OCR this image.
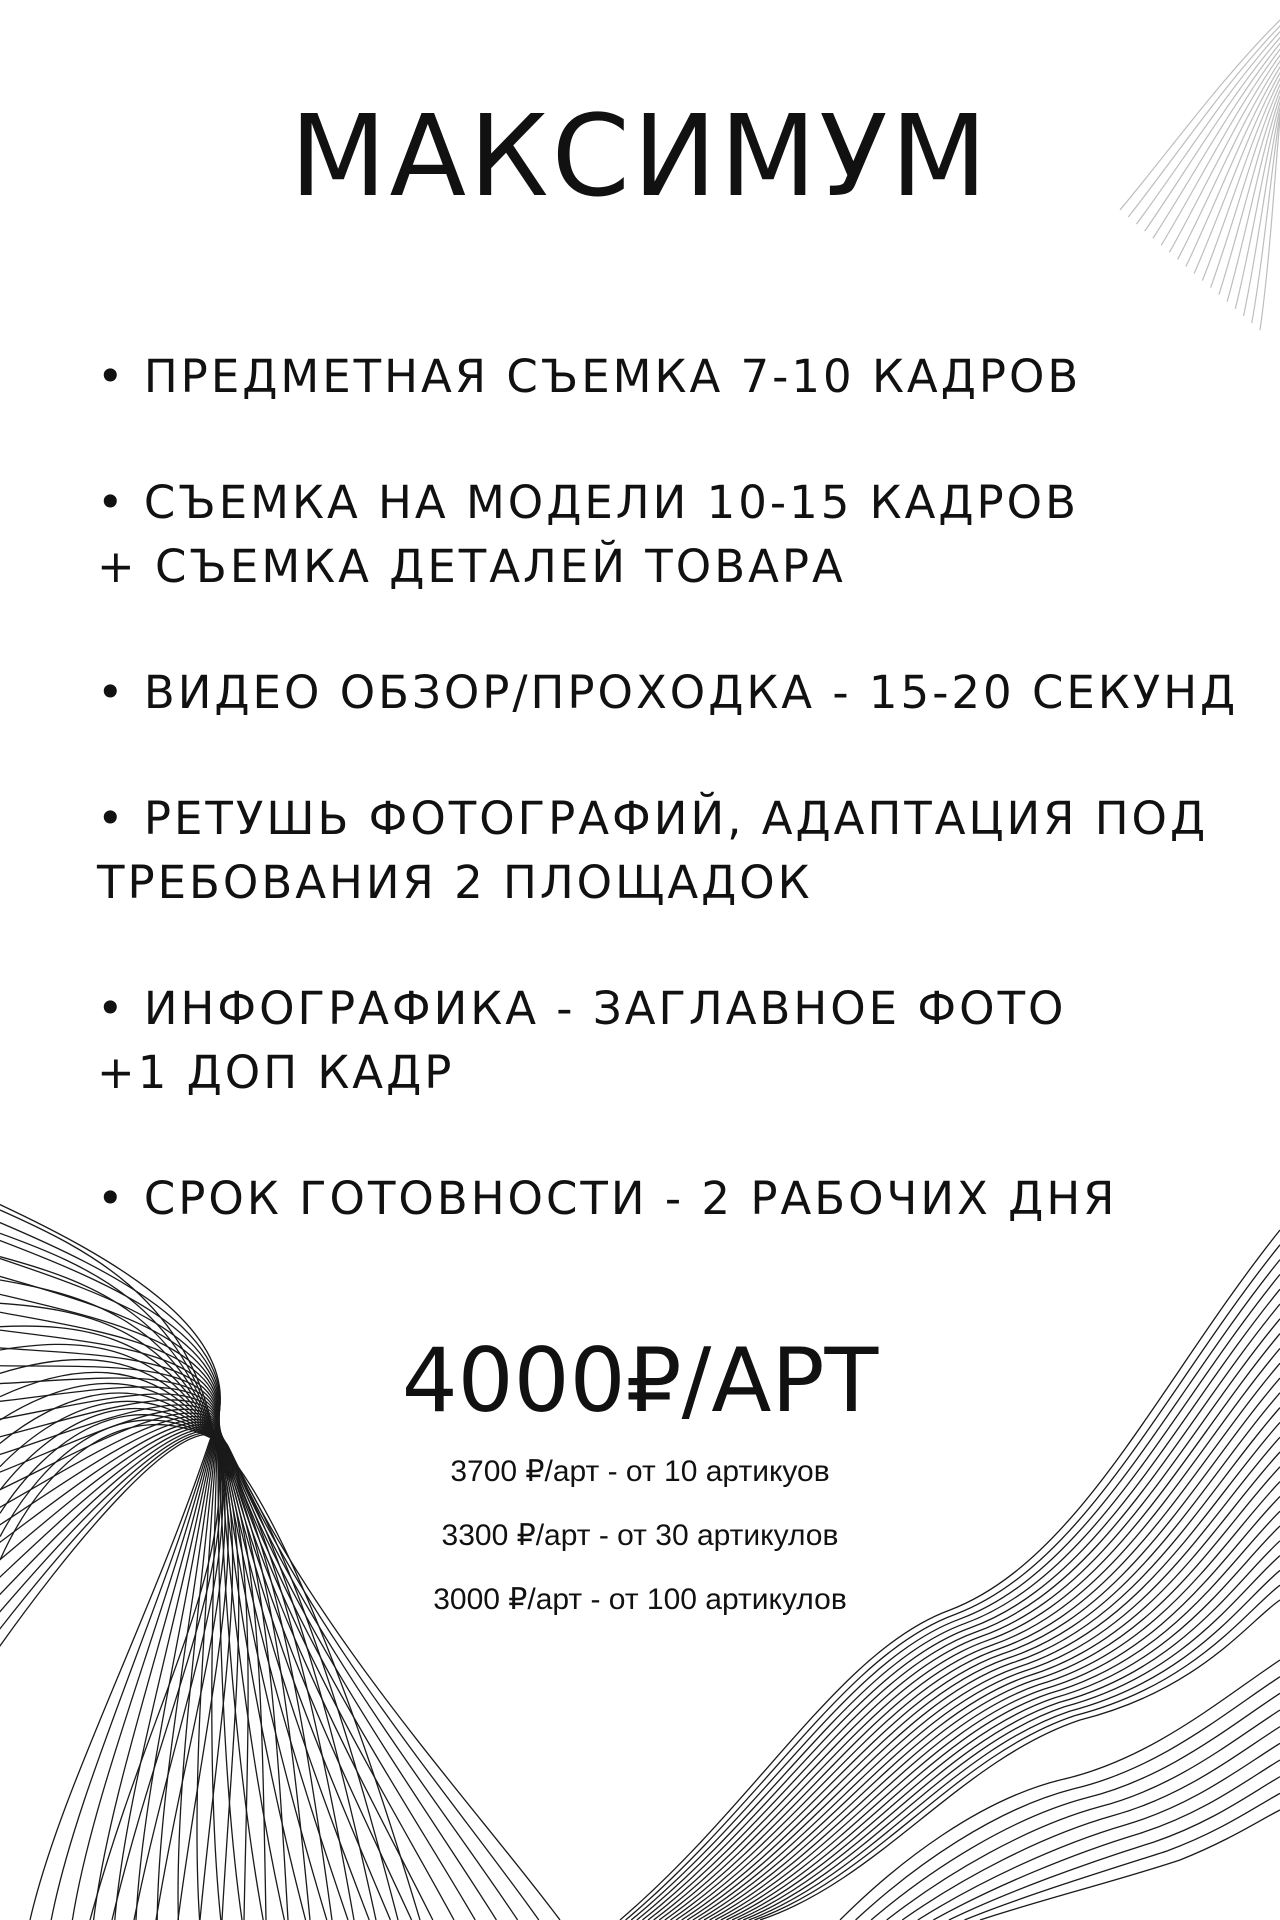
МАКСИМУМ
• ПРЕДМЕТНАЯ СЪЕМКА 7-10 КАДРОВ
• СЪЕМКА НА МОДЕЛИ 10-15 КАДРОВ
+ СЪЕМКА ДЕТАЛЕЙ ТОВАРА
• ВИДЕО ОБЗОР/ПРОХОДКА - 15-20 СЕКУНД
• РЕТУШЬ ФОТОГРАФИЙ, АДАПТАЦИЯ ПОД
ТРЕБОВАНИЯ 2 ПЛОЩАДОК
• ИНФОГРАФИКА - ЗАГЛАВНОЕ ФОТО
+1 ДОП КАДР
• СРОК ГОТОВНОСТИ - 2 РАБОЧИХ ДНЯ
4000₽/АРТ
3700 ₽/арт - от 10 артикуов
3300 ₽/арт - от 30 артикулов
3000 ₽/арт - от 100 артикулов
